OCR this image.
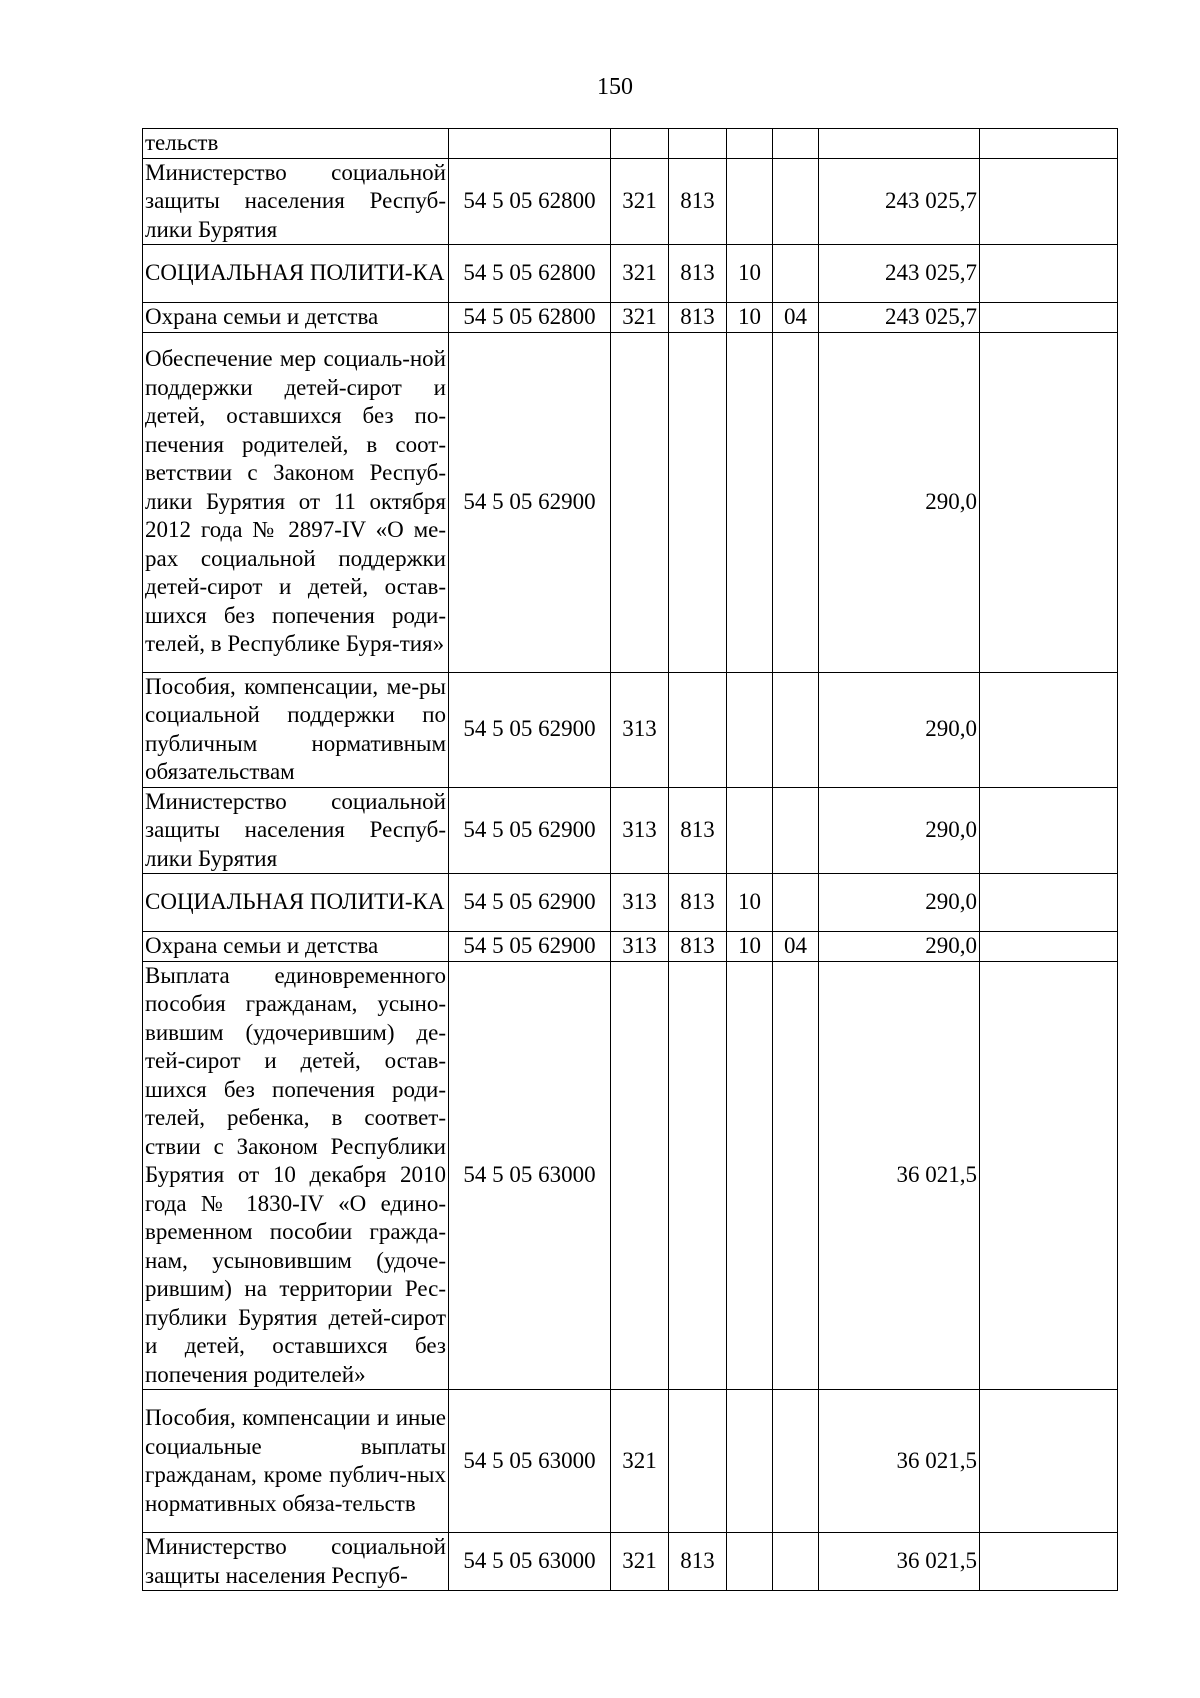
150
тельств							
Министерство социальной защиты населения Респуб-лики Бурятия	54 5 05 62800	321	813			243 025,7	
СОЦИАЛЬНАЯ ПОЛИТИ-КА	54 5 05 62800	321	813	10		243 025,7	
Охрана семьи и детства	54 5 05 62800	321	813	10	04	243 025,7	
Обеспечение мер социаль-ной поддержки детей-сирот и детей, оставшихся без по-печения родителей, в соот-ветствии с Законом Респуб-лики Бурятия от 11 октября 2012 года № 2897-IV «О ме-рах социальной поддержки детей-сирот и детей, остав-шихся без попечения роди-телей, в Республике Буря-тия»	54 5 05 62900					290,0	
Пособия, компенсации, ме-ры социальной поддержки по публичным нормативным обязательствам	54 5 05 62900	313				290,0	
Министерство социальной защиты населения Респуб-лики Бурятия	54 5 05 62900	313	813			290,0	
СОЦИАЛЬНАЯ ПОЛИТИ-КА	54 5 05 62900	313	813	10		290,0	
Охрана семьи и детства	54 5 05 62900	313	813	10	04	290,0	
Выплата единовременного пособия гражданам, усыно-вившим (удочерившим) де-тей-сирот и детей, остав-шихся без попечения роди-телей, ребенка, в соответ-ствии с Законом Республики Бурятия от 10 декабря 2010 года № 1830-IV «О едино-временном пособии гражда-нам, усыновившим (удоче-рившим) на территории Рес-публики Бурятия детей-сирот и детей, оставшихся без попечения родителей»	54 5 05 63000					36 021,5	
Пособия, компенсации и иные социальные выплаты гражданам, кроме публич-ных нормативных обяза-тельств	54 5 05 63000	321				36 021,5	
Министерство социальной защиты населения Респуб-	54 5 05 63000	321	813			36 021,5	
